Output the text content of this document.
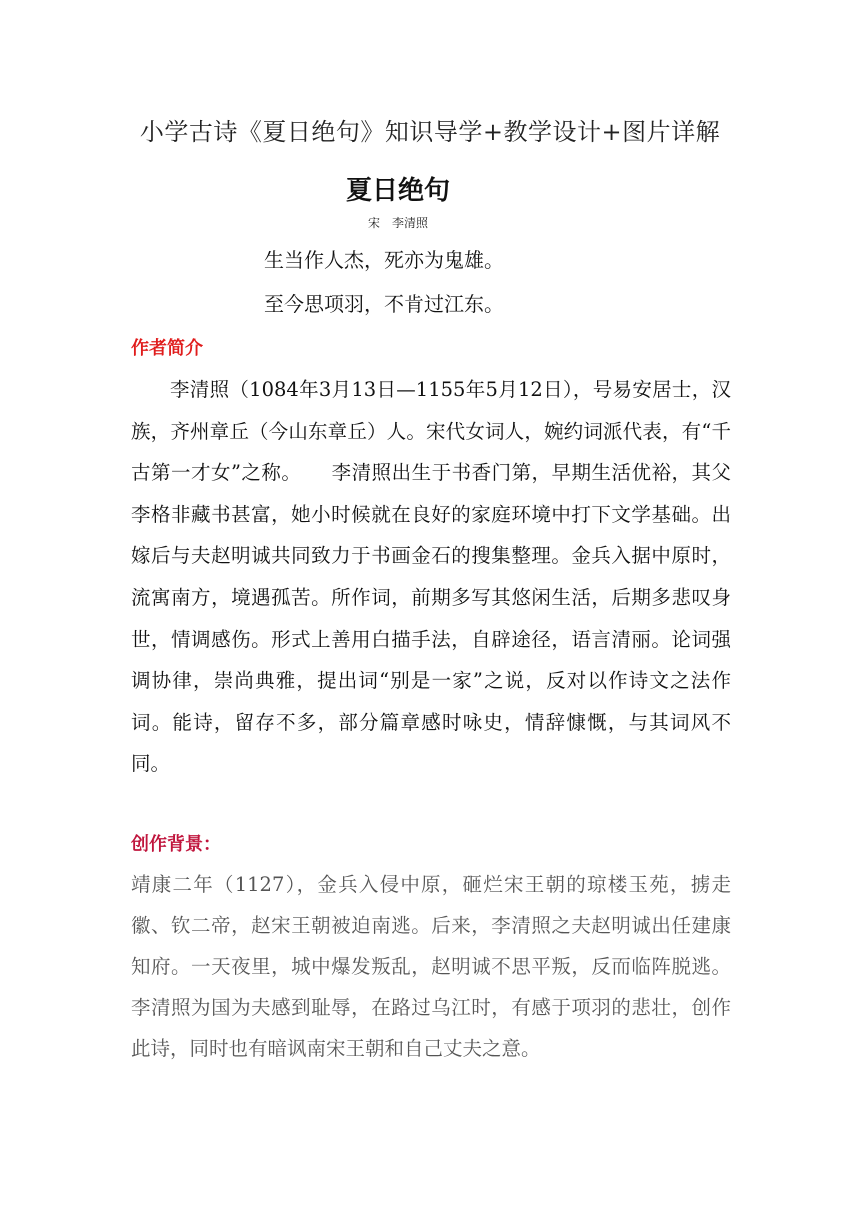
小学古诗《夏日绝句》知识导学+教学设计+图片详解
夏日绝句
宋　李清照
生当作人杰，死亦为鬼雄。
至今思项羽，不肯过江东。
作者简介
李清照（1084年3月13日—1155年5月12日），号易安居士，汉族，齐州章丘（今山东章丘）人。宋代女词人，婉约词派代表，有“千古第一才女”之称。　　李清照出生于书香门第，早期生活优裕，其父李格非藏书甚富，她小时候就在良好的家庭环境中打下文学基础。出嫁后与夫赵明诚共同致力于书画金石的搜集整理。金兵入据中原时，流寓南方，境遇孤苦。所作词，前期多写其悠闲生活，后期多悲叹身世，情调感伤。形式上善用白描手法，自辟途径，语言清丽。论词强调协律，崇尚典雅，提出词“别是一家”之说，反对以作诗文之法作词。能诗，留存不多，部分篇章感时咏史，情辞慷慨，与其词风不同。
创作背景：
靖康二年（1127），金兵入侵中原，砸烂宋王朝的琼楼玉苑，掳走徽、钦二帝，赵宋王朝被迫南逃。后来，李清照之夫赵明诚出任建康知府。一天夜里，城中爆发叛乱，赵明诚不思平叛，反而临阵脱逃。李清照为国为夫感到耻辱，在路过乌江时，有感于项羽的悲壮，创作此诗，同时也有暗讽南宋王朝和自己丈夫之意。
